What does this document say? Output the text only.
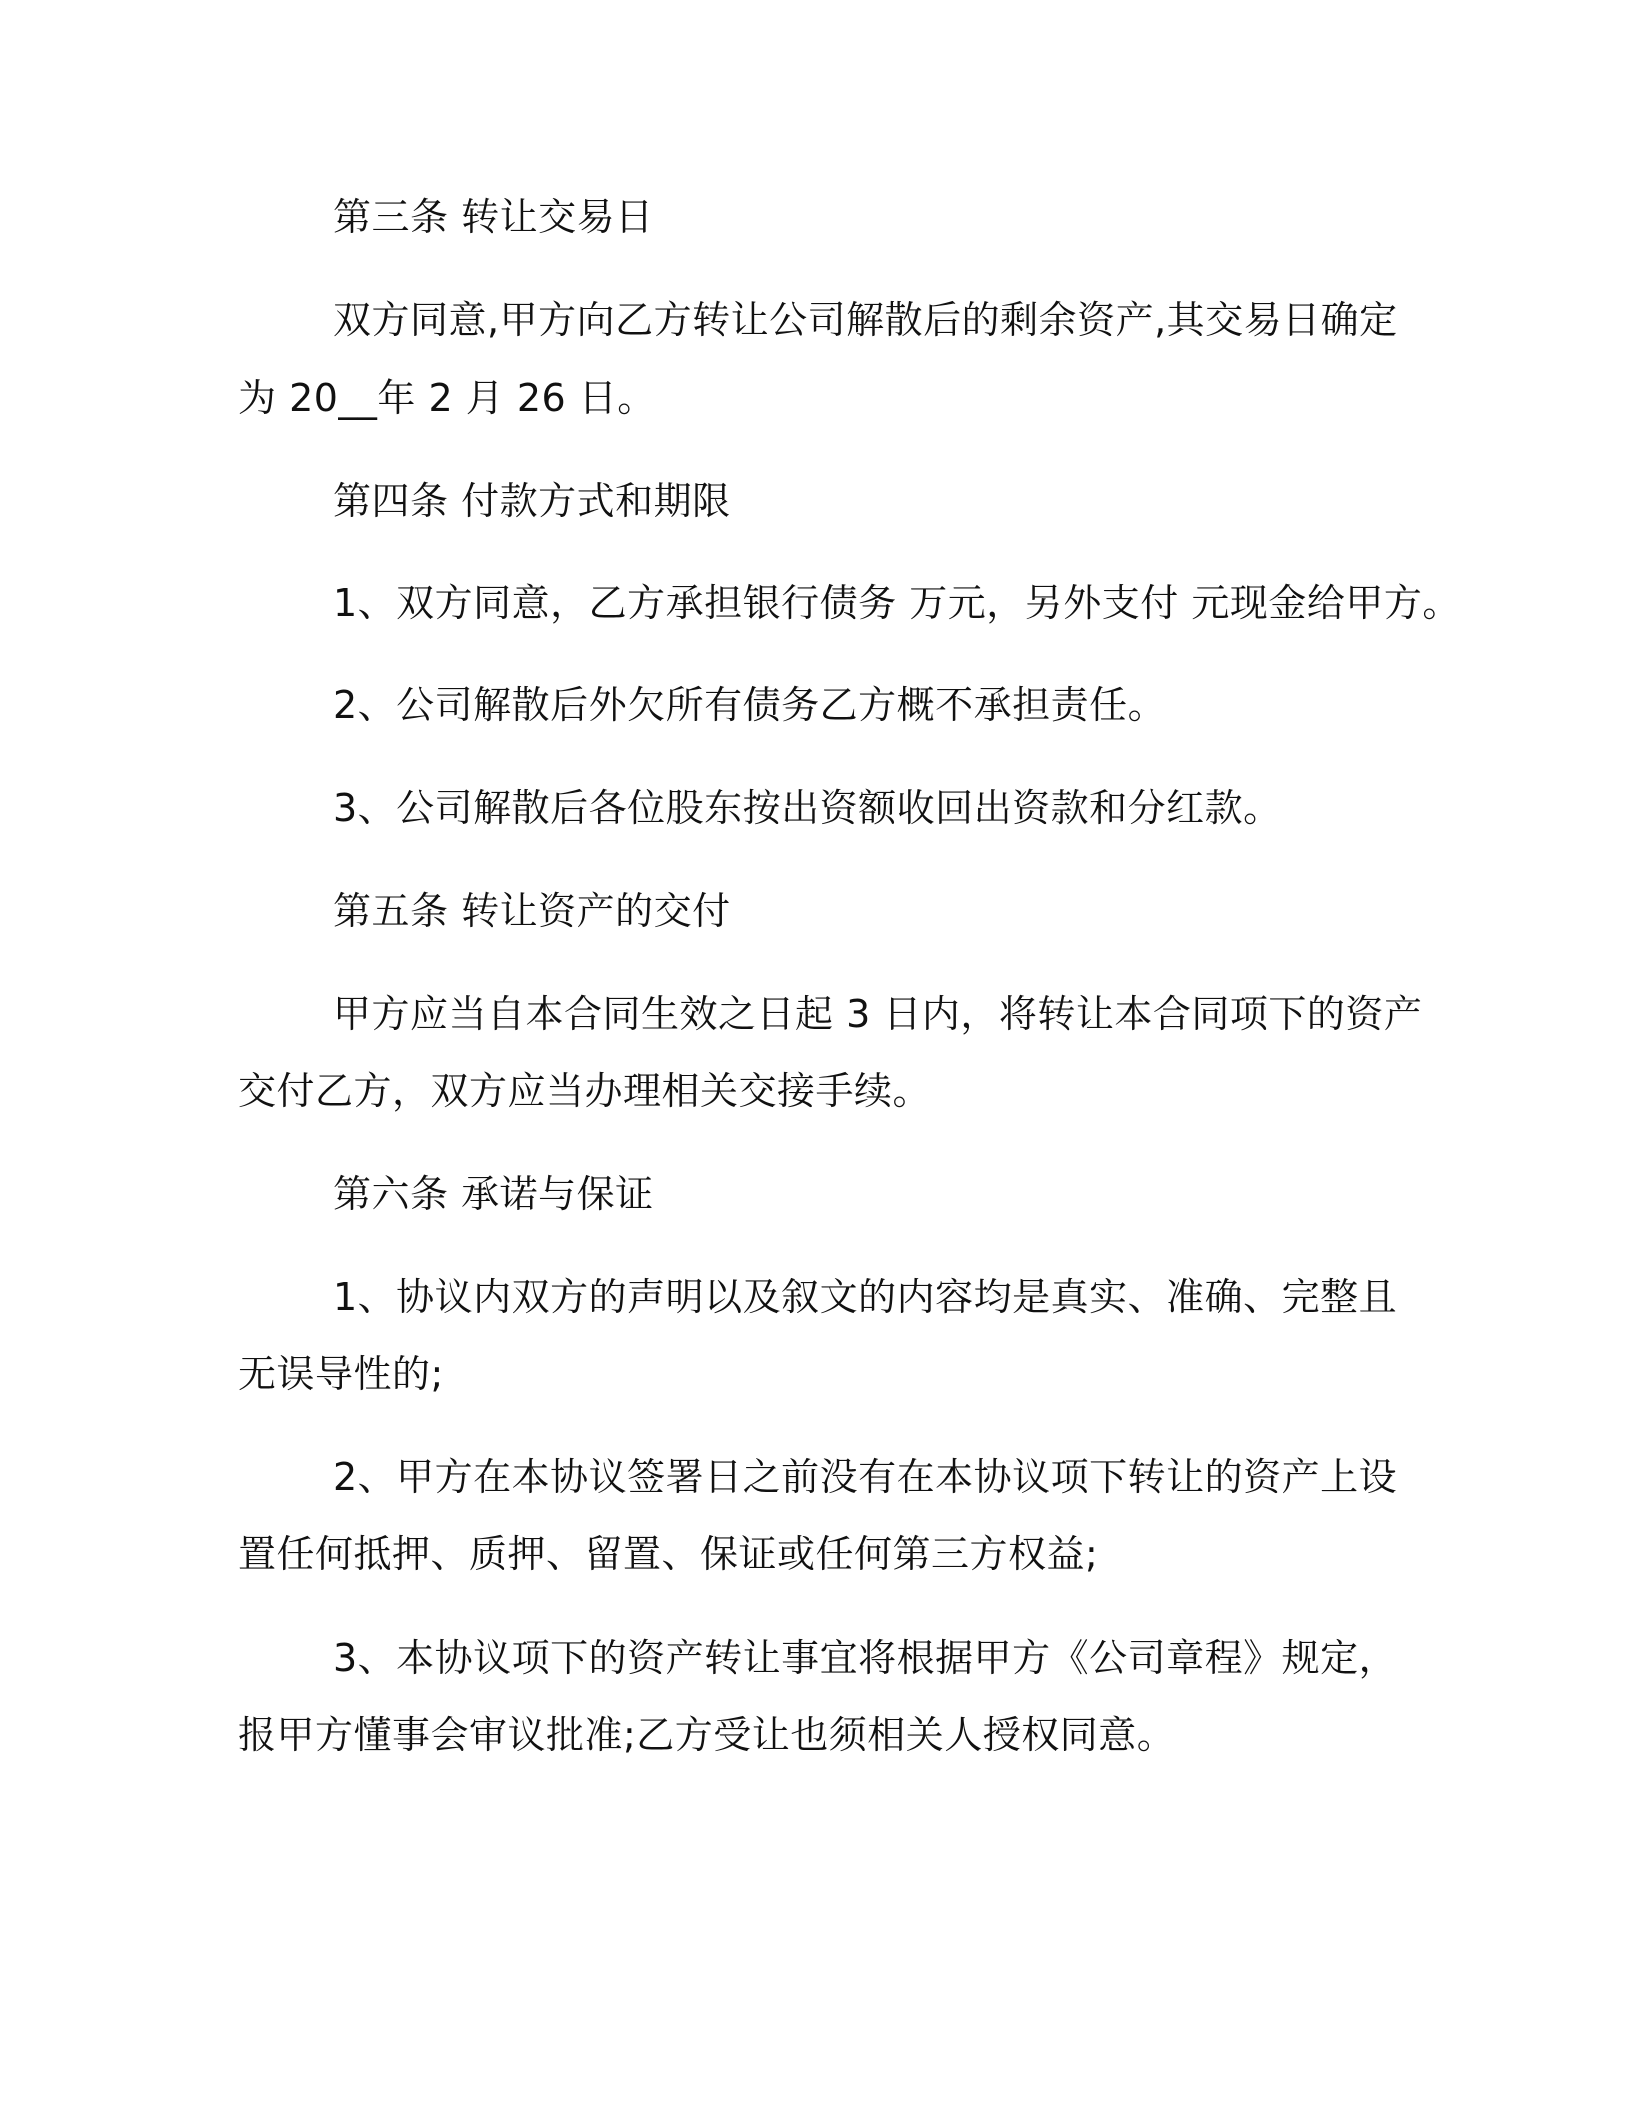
第三条 转让交易日

双方同意,甲方向乙方转让公司解散后的剩余资产,其交易日确定

为 20__年 2 月 26 日。

第四条 付款方式和期限

1、双方同意，乙方承担银行债务 万元，另外支付 元现金给甲方。

2、公司解散后外欠所有债务乙方概不承担责任。

3、公司解散后各位股东按出资额收回出资款和分红款。

第五条 转让资产的交付

甲方应当自本合同生效之日起 3 日内，将转让本合同项下的资产

交付乙方，双方应当办理相关交接手续。

第六条 承诺与保证

1、协议内双方的声明以及叙文的内容均是真实、准确、完整且

无误导性的;

2、甲方在本协议签署日之前没有在本协议项下转让的资产上设

置任何抵押、质押、留置、保证或任何第三方权益;

3、本协议项下的资产转让事宜将根据甲方《公司章程》规定，

报甲方懂事会审议批准;乙方受让也须相关人授权同意。
